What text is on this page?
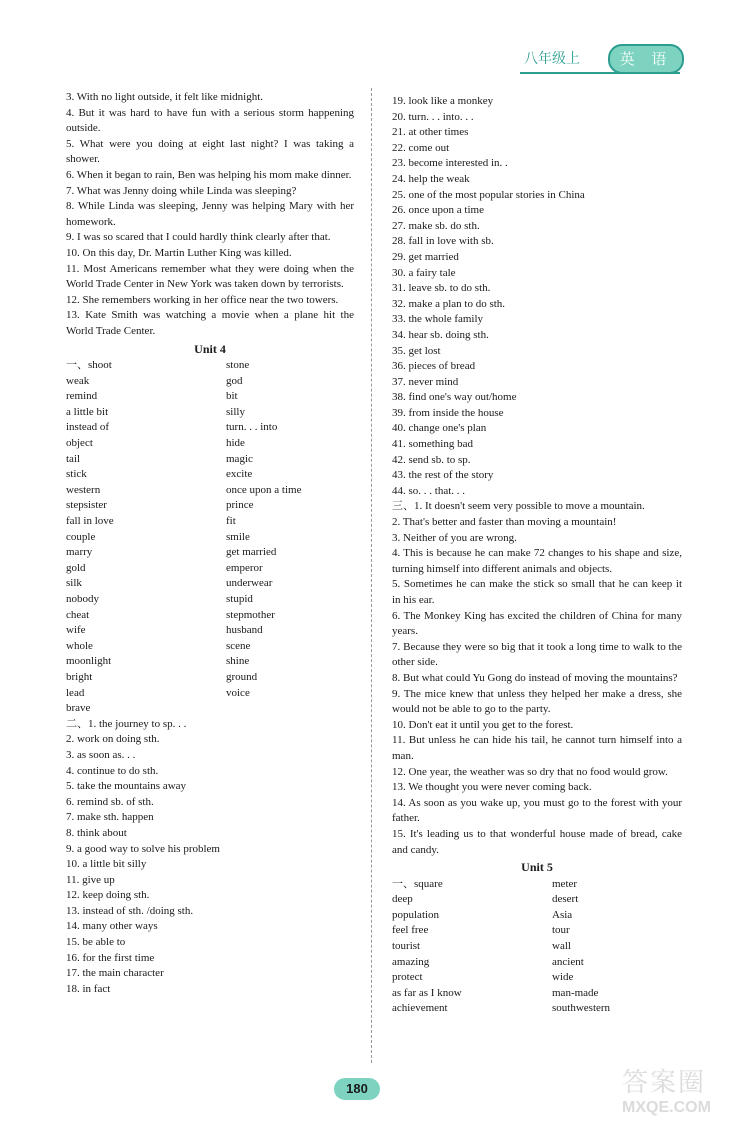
八年级上	英 语

3. With no light outside, it felt like midnight.

4. But it was hard to have fun with a serious storm happening outside.

5. What were you doing at eight last night? I was taking a shower.

6. When it began to rain, Ben was helping his mom make dinner.

7. What was Jenny doing while Linda was sleeping?

8. While Linda was sleeping, Jenny was helping Mary with her homework.

9. I was so scared that I could hardly think clearly after that.

10. On this day, Dr. Martin Luther King was killed.

11. Most Americans remember what they were doing when the World Trade Center in New York was taken down by terrorists.

12. She remembers working in her office near the two towers.

13. Kate Smith was watching a movie when a plane hit the World Trade Center.

Unit 4
一、shoot	stone
weak	god
remind	bit
a little bit	silly
instead of	turn. . . into
object	hide
tail	magic
stick	excite
western	once upon a time
stepsister	prince
fall in love	fit
couple	smile
marry	get married
gold	emperor
silk	underwear
nobody	stupid
cheat	stepmother
wife	husband
whole	scene
moonlight	shine
bright	ground
lead	voice
brave
二、1. the journey to sp. . .
2. work on doing sth.
3. as soon as. . .
4. continue to do sth.
5. take the mountains away
6. remind sb. of sth.
7. make sth. happen
8. think about
9. a good way to solve his problem
10. a little bit silly
11. give up
12. keep doing sth.
13. instead of sth. /doing sth.
14. many other ways
15. be able to
16. for the first time
17. the main character
18. in fact
19. look like a monkey
20. turn. . . into. . .
21. at other times
22. come out
23. become interested in. .
24. help the weak
25. one of the most popular stories in China
26. once upon a time
27. make sb. do sth.
28. fall in love with sb.
29. get married
30. a fairy tale
31. leave sb. to do sth.
32. make a plan to do sth.
33. the whole family
34. hear sb. doing sth.
35. get lost
36. pieces of bread
37. never mind
38. find one's way out/home
39. from inside the house
40. change one's plan
41. something bad
42. send sb. to sp.
43. the rest of the story
44. so. . . that. . .

三、1. It doesn't seem very possible to move a mountain.

2. That's better and faster than moving a mountain!

3. Neither of you are wrong.

4. This is because he can make 72 changes to his shape and size, turning himself into different animals and objects.

5. Sometimes he can make the stick so small that he can keep it in his ear.

6. The Monkey King has excited the children of China for many years.

7. Because they were so big that it took a long time to walk to the other side.

8. But what could Yu Gong do instead of moving the mountains?

9. The mice knew that unless they helped her make a dress, she would not be able to go to the party.

10. Don't eat it until you get to the forest.

11. But unless he can hide his tail, he cannot turn himself into a man.

12. One year, the weather was so dry that no food would grow.

13. We thought you were never coming back.

14. As soon as you wake up, you must go to the forest with your father.

15. It's leading us to that wonderful house made of bread, cake and candy.

Unit 5
一、square	meter
deep	desert
population	Asia
feel free	tour
tourist	wall
amazing	ancient
protect	wide
as far as I know	man-made
achievement	southwestern
180	答案圈
MXQE.COM
